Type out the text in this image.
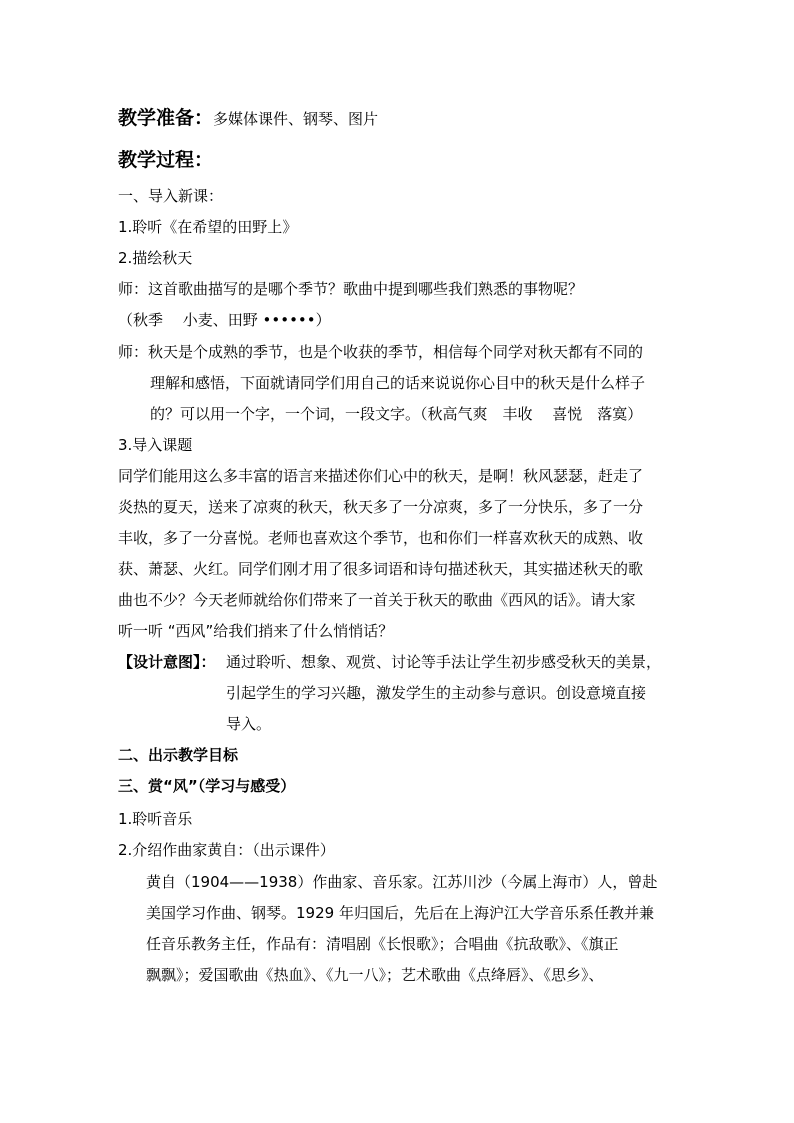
教学准备：多媒体课件、钢琴、图片
教学过程：
一、导入新课：
1.聆听《在希望的田野上》
2.描绘秋天
师：这首歌曲描写的是哪个季节？歌曲中提到哪些我们熟悉的事物呢？
（秋季　 小麦、田野 ••••••）
师：秋天是个成熟的季节，也是个收获的季节，相信每个同学对秋天都有不同的
理解和感悟，下面就请同学们用自己的话来说说你心目中的秋天是什么样子
的？可以用一个字，一个词，一段文字。（秋高气爽　丰收　 喜悦　落寞）
3.导入课题
同学们能用这么多丰富的语言来描述你们心中的秋天，是啊！秋风瑟瑟，赶走了
炎热的夏天，送来了凉爽的秋天，秋天多了一分凉爽，多了一分快乐，多了一分
丰收，多了一分喜悦。老师也喜欢这个季节，也和你们一样喜欢秋天的成熟、收
获、萧瑟、火红。同学们刚才用了很多词语和诗句描述秋天，其实描述秋天的歌
曲也不少？今天老师就给你们带来了一首关于秋天的歌曲《西风的话》。请大家
听一听 “西风”给我们捎来了什么悄悄话？
【设计意图】： 通过聆听、想象、观赏、讨论等手法让学生初步感受秋天的美景，
引起学生的学习兴趣，激发学生的主动参与意识。创设意境直接
导入。
二、出示教学目标
三、赏“风”（学习与感受）
1.聆听音乐
2.介绍作曲家黄自：（出示课件）
黄自（1904——1938）作曲家、音乐家。江苏川沙（今属上海市）人，曾赴
美国学习作曲、钢琴。1929 年归国后，先后在上海沪江大学音乐系任教并兼
任音乐教务主任，作品有：清唱剧《长恨歌》；合唱曲《抗敌歌》、《旗正
飘飘》；爱国歌曲《热血》、《九一八》；艺术歌曲《点绛唇》、《思乡》、
